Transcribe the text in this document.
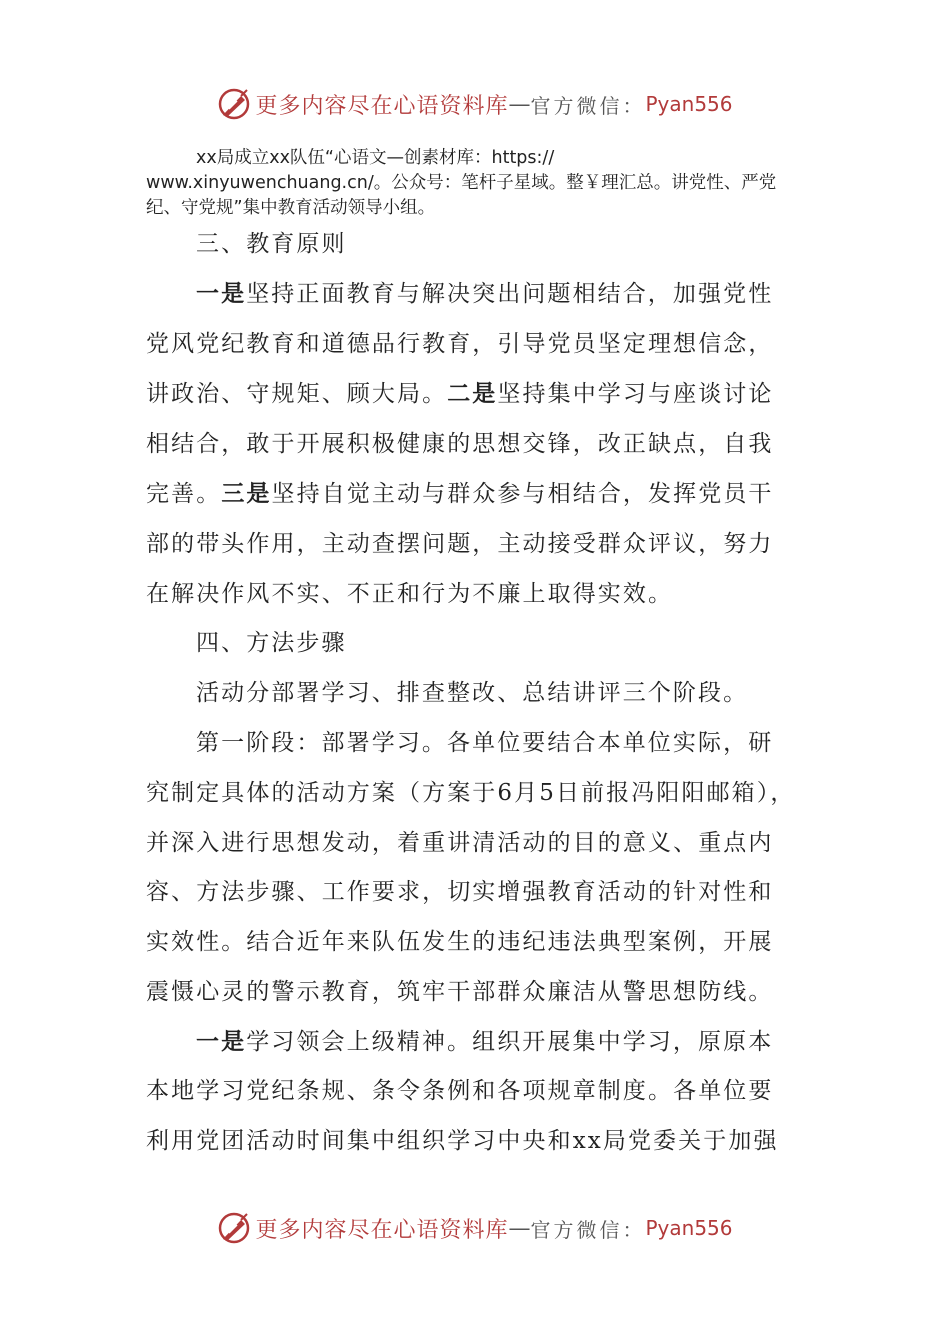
更多内容尽在心语资料库 — 官方微信： Pyan556
xx局成立xx队伍“心语文—创素材库：https://
www.xinyuwenchuang.cn/。公众号：笔杆子星域。整￥理汇总。讲党性、严党
纪、守党规”集中教育活动领导小组。
三、教育原则
一是坚持正面教育与解决突出问题相结合，加强党性
党风党纪教育和道德品行教育，引导党员坚定理想信念，
讲政治、守规矩、顾大局。二是坚持集中学习与座谈讨论
相结合，敢于开展积极健康的思想交锋，改正缺点，自我
完善。三是坚持自觉主动与群众参与相结合，发挥党员干
部的带头作用，主动查摆问题，主动接受群众评议，努力
在解决作风不实、不正和行为不廉上取得实效。
四、方法步骤
活动分部署学习、排查整改、总结讲评三个阶段。
第一阶段：部署学习。各单位要结合本单位实际，研
究制定具体的活动方案（方案于6月5日前报冯阳阳邮箱），
并深入进行思想发动，着重讲清活动的目的意义、重点内
容、方法步骤、工作要求，切实增强教育活动的针对性和
实效性。结合近年来队伍发生的违纪违法典型案例，开展
震慑心灵的警示教育，筑牢干部群众廉洁从警思想防线。
一是学习领会上级精神。组织开展集中学习，原原本
本地学习党纪条规、条令条例和各项规章制度。各单位要
利用党团活动时间集中组织学习中央和xx局党委关于加强
更多内容尽在心语资料库 — 官方微信： Pyan556
